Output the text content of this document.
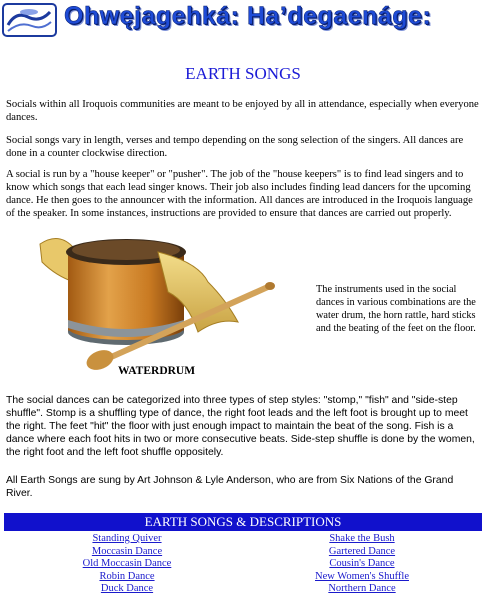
Ohwęjagehká: Haʼdegaenáge:
EARTH SONGS

Socials within all Iroquois communities are meant to be enjoyed by all in attendance, especially when everyone dances.

Social songs vary in length, verses and tempo depending on the song selection of the singers. All dances are done in a counter clockwise direction.

A social is run by a "house keeper" or "pusher". The job of the "house keepers" is to find lead singers and to know which songs that each lead singer knows. Their job also includes finding lead dancers for the upcoming dance. He then goes to the announcer with the information. All dances are introduced in the Iroquois language of the speaker. In some instances, instructions are provided to ensure that dances are carried out properly.

The instruments used in the social dances in various combinations are the water drum, the horn rattle, hard sticks and the beating of the feet on the floor.

WATERDRUM

The social dances can be categorized into three types of step styles: "stomp," "fish" and "side-step shuffle". Stomp is a shuffling type of dance, the right foot leads and the left foot is brought up to meet the right. The feet "hit" the floor with just enough impact to maintain the beat of the song. Fish is a dance where each foot hits in two or more consecutive beats. Side-step shuffle is done by the women, the right foot and the left foot shuffle oppositely.

All Earth Songs are sung by Art Johnson & Lyle Anderson, who are from Six Nations of the Grand River.

EARTH SONGS & DESCRIPTIONS
Standing Quiver
Moccasin Dance
Old Moccasin Dance
Robin Dance
Duck Dance
Shake the Bush
Gartered Dance
Cousin's Dance
New Women's Shuffle
Northern Dance
